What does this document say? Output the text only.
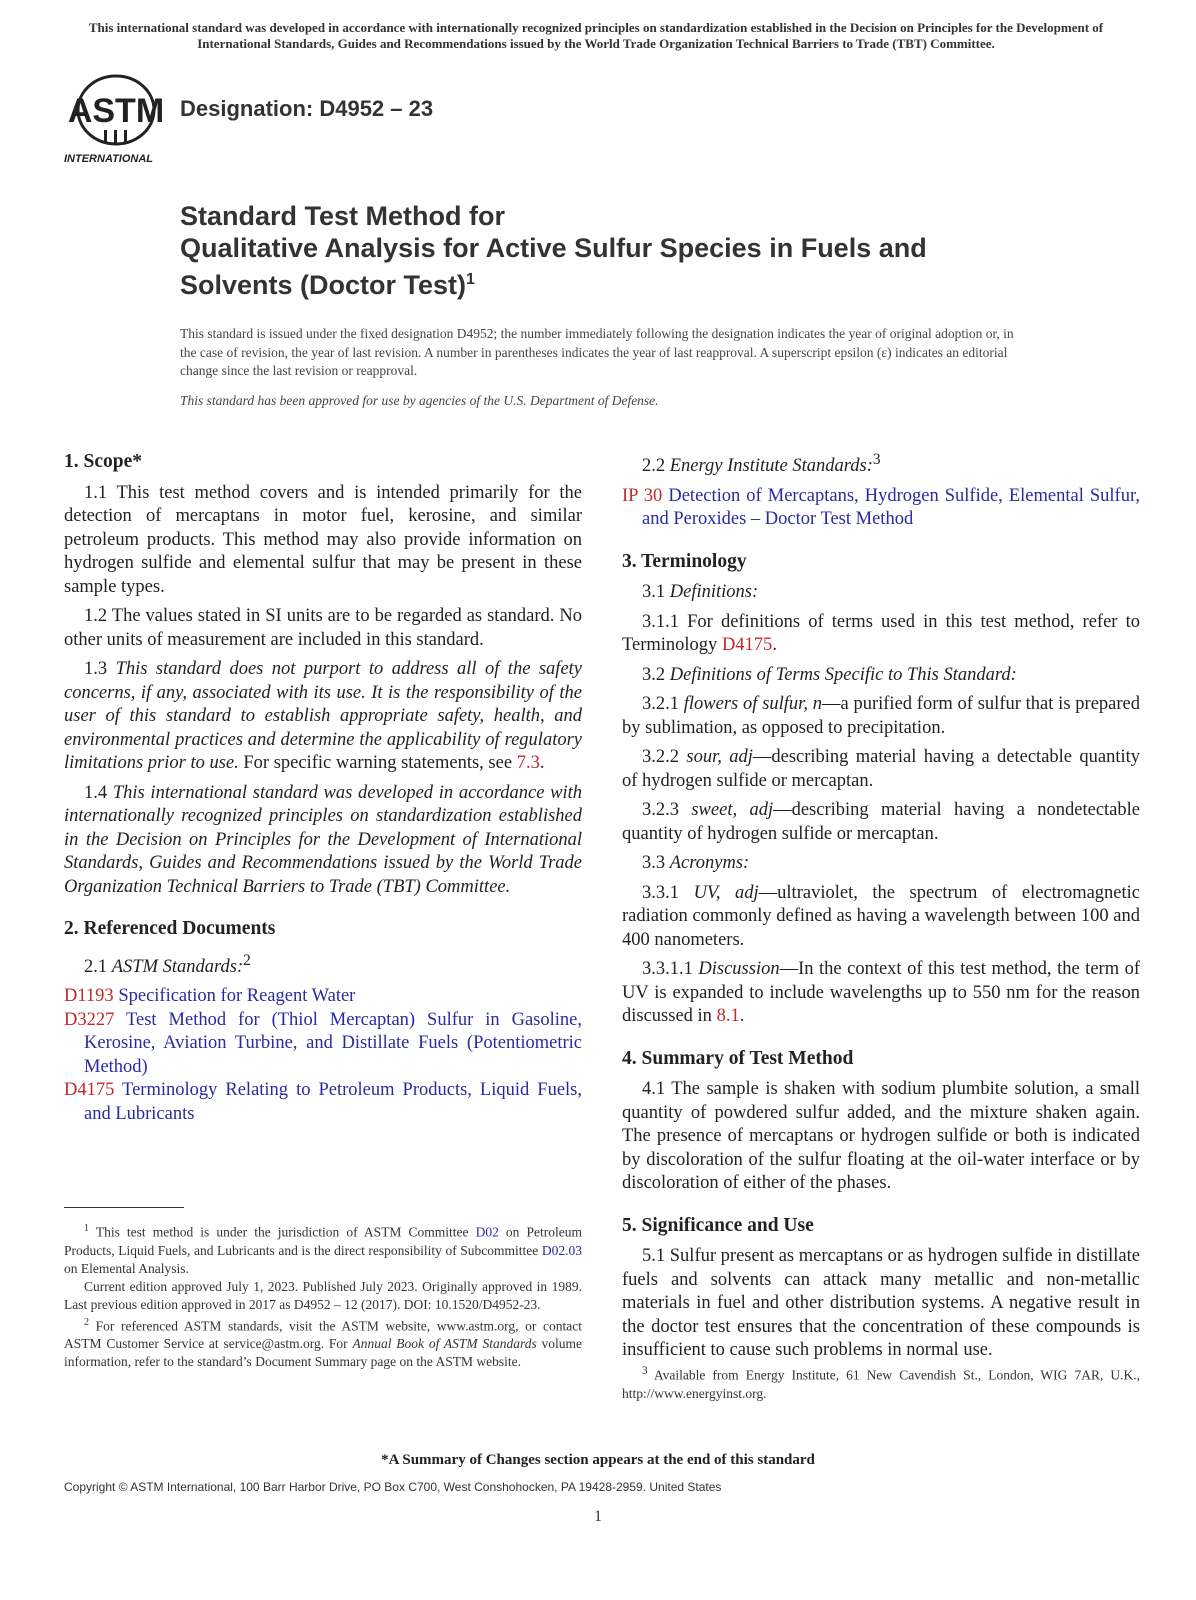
This international standard was developed in accordance with internationally recognized principles on standardization established in the Decision on Principles for the Development of International Standards, Guides and Recommendations issued by the World Trade Organization Technical Barriers to Trade (TBT) Committee.
ASTM
INTERNATIONAL
Designation: D4952 – 23
Standard Test Method for
Qualitative Analysis for Active Sulfur Species in Fuels and
Solvents (Doctor Test)$^1$
This standard is issued under the fixed designation D4952; the number immediately following the designation indicates the year of original adoption or, in the case of revision, the year of last revision. A number in parentheses indicates the year of last reapproval. A superscript epsilon (ε) indicates an editorial change since the last revision or reapproval.
This standard has been approved for use by agencies of the U.S. Department of Defense.
1. Scope*

1.1 This test method covers and is intended primarily for the detection of mercaptans in motor fuel, kerosine, and similar petroleum products. This method may also provide information on hydrogen sulfide and elemental sulfur that may be present in these sample types.

1.2 The values stated in SI units are to be regarded as standard. No other units of measurement are included in this standard.

1.3 This standard does not purport to address all of the safety concerns, if any, associated with its use. It is the responsibility of the user of this standard to establish appropriate safety, health, and environmental practices and determine the applicability of regulatory limitations prior to use. For specific warning statements, see 7.3.

1.4 This international standard was developed in accordance with internationally recognized principles on standardization established in the Decision on Principles for the Development of International Standards, Guides and Recommendations issued by the World Trade Organization Technical Barriers to Trade (TBT) Committee.

2. Referenced Documents

2.1 ASTM Standards:$^2$

D1193 Specification for Reagent Water
D3227 Test Method for (Thiol Mercaptan) Sulfur in Gasoline, Kerosine, Aviation Turbine, and Distillate Fuels (Potentiometric Method)
D4175 Terminology Relating to Petroleum Products, Liquid Fuels, and Lubricants

2.2 Energy Institute Standards:$^3$

IP 30 Detection of Mercaptans, Hydrogen Sulfide, Elemental Sulfur, and Peroxides – Doctor Test Method
3. Terminology

3.1 Definitions:

3.1.1 For definitions of terms used in this test method, refer to Terminology D4175.

3.2 Definitions of Terms Specific to This Standard:

3.2.1 flowers of sulfur, n—a purified form of sulfur that is prepared by sublimation, as opposed to precipitation.

3.2.2 sour, adj—describing material having a detectable quantity of hydrogen sulfide or mercaptan.

3.2.3 sweet, adj—describing material having a nondetectable quantity of hydrogen sulfide or mercaptan.

3.3 Acronyms:

3.3.1 UV, adj—ultraviolet, the spectrum of electromagnetic radiation commonly defined as having a wavelength between 100 and 400 nanometers.

3.3.1.1 Discussion—In the context of this test method, the term of UV is expanded to include wavelengths up to 550 nm for the reason discussed in 8.1.

4. Summary of Test Method

4.1 The sample is shaken with sodium plumbite solution, a small quantity of powdered sulfur added, and the mixture shaken again. The presence of mercaptans or hydrogen sulfide or both is indicated by discoloration of the sulfur floating at the oil-water interface or by discoloration of either of the phases.

5. Significance and Use

5.1 Sulfur present as mercaptans or as hydrogen sulfide in distillate fuels and solvents can attack many metallic and non-metallic materials in fuel and other distribution systems. A negative result in the doctor test ensures that the concentration of these compounds is insufficient to cause such problems in normal use.

$^1$ This test method is under the jurisdiction of ASTM Committee D02 on Petroleum Products, Liquid Fuels, and Lubricants and is the direct responsibility of Subcommittee D02.03 on Elemental Analysis.

Current edition approved July 1, 2023. Published July 2023. Originally approved in 1989. Last previous edition approved in 2017 as D4952 – 12 (2017). DOI: 10.1520/D4952-23.

$^2$ For referenced ASTM standards, visit the ASTM website, www.astm.org, or contact ASTM Customer Service at service@astm.org. For Annual Book of ASTM Standards volume information, refer to the standard’s Document Summary page on the ASTM website.

$^3$ Available from Energy Institute, 61 New Cavendish St., London, WIG 7AR, U.K., http://www.energyinst.org.

*A Summary of Changes section appears at the end of this standard
Copyright © ASTM International, 100 Barr Harbor Drive, PO Box C700, West Conshohocken, PA 19428-2959. United States
1
